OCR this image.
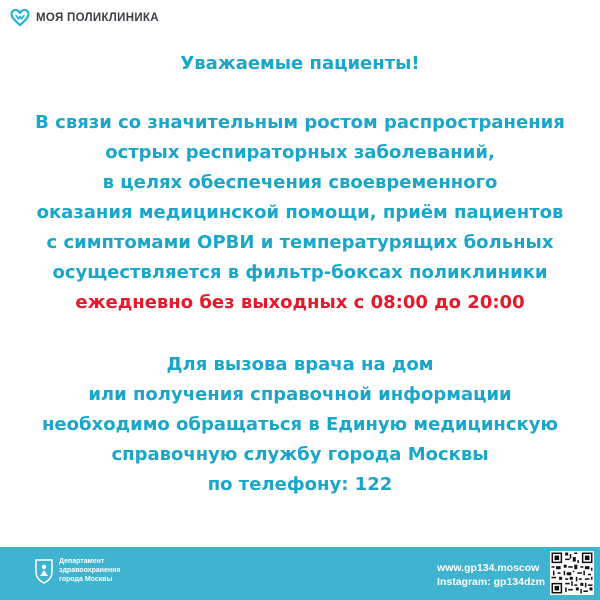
МОЯ ПОЛИКЛИНИКА
Уважаемые пациенты!
В связи со значительным ростом распространения
острых респираторных заболеваний,
в целях обеспечения своевременного
оказания медицинской помощи, приём пациентов
с симптомами ОРВИ и температурящих больных
осуществляется в фильтр-боксах поликлиники
ежедневно без выходных с 08:00 до 20:00
Для вызова врача на дом
или получения справочной информации
необходимо обращаться в Единую медицинскую
справочную службу города Москвы
по телефону: 122
Департамент
здравоохранения
города Москвы
www.gp134.moscow
Instagram: gp134dzm
